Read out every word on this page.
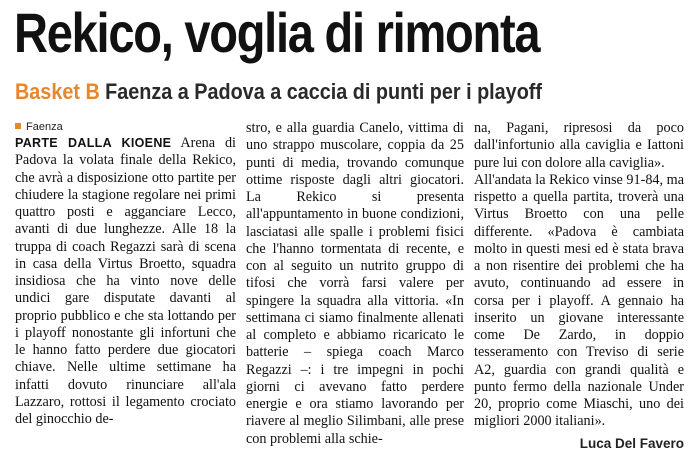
Rekico, voglia di rimonta
Basket B Faenza a Padova a caccia di punti per i playoff
Faenza
PARTE DALLA KIOENE Arena di Padova la volata finale della Rekico, che avrà a disposizione otto partite per chiudere la stagione regolare nei primi quattro posti e agganciare Lecco, avanti di due lunghezze. Alle 18 la truppa di coach Regazzi sarà di scena in casa della Virtus Broetto, squadra insidiosa che ha vinto nove delle undici gare disputate davanti al proprio pubblico e che sta lottando per i playoff nonostante gli infortuni che le hanno fatto perdere due giocatori chiave. Nelle ultime settimane ha infatti dovuto rinunciare all'ala Lazzaro, rottosi il legamento crociato del ginocchio de-
stro, e alla guardia Canelo, vittima di uno strappo muscolare, coppia da 25 punti di media, trovando comunque ottime risposte dagli altri giocatori. La Rekico si presenta all'appuntamento in buone condizioni, lasciatasi alle spalle i problemi fisici che l'hanno tormentata di recente, e con al seguito un nutrito gruppo di tifosi che vorrà farsi valere per spingere la squadra alla vittoria. «In settimana ci siamo finalmente allenati al completo e abbiamo ricaricato le batterie – spiega coach Marco Regazzi –: i tre impegni in pochi giorni ci avevano fatto perdere energie e ora stiamo lavorando per riavere al meglio Silimbani, alle prese con problemi alla schie-
na, Pagani, ripresosi da poco dall'infortunio alla caviglia e Iattoni pure lui con dolore alla caviglia».
All'andata la Rekico vinse 91-84, ma rispetto a quella partita, troverà una Virtus Broetto con una pelle differente. «Padova è cambiata molto in questi mesi ed è stata brava a non risentire dei problemi che ha avuto, continuando ad essere in corsa per i playoff. A gennaio ha inserito un giovane interessante come De Zardo, in doppio tesseramento con Treviso di serie A2, guardia con grandi qualità e punto fermo della nazionale Under 20, proprio come Miaschi, uno dei migliori 2000 italiani».
Luca Del Favero
